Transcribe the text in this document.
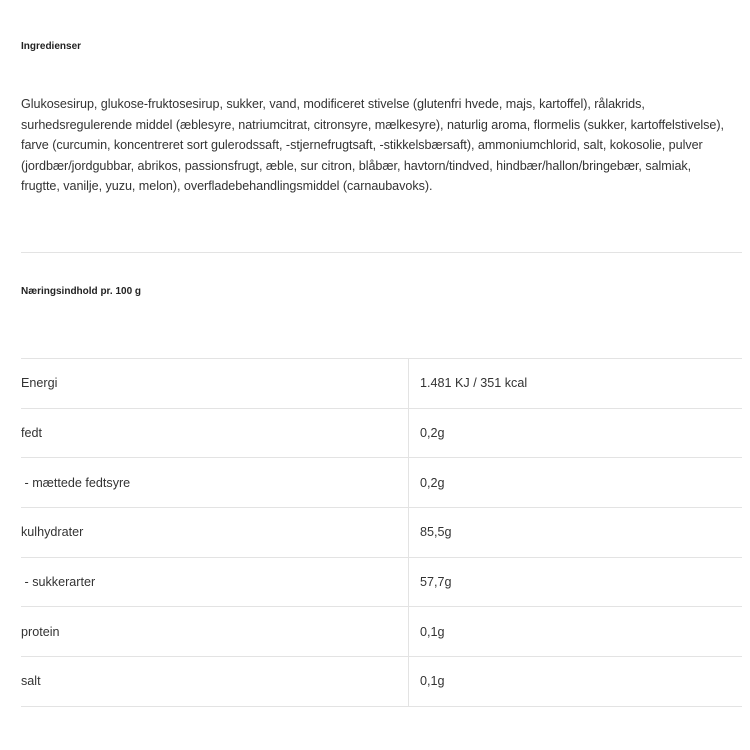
Ingredienser
Glukosesirup, glukose-fruktosesirup, sukker, vand, modificeret stivelse (glutenfri hvede, majs, kartoffel), rålakrids, surhedsregulerende middel (æblesyre, natriumcitrat, citronsyre, mælkesyre), naturlig aroma, flormelis (sukker, kartoffelstivelse), farve (curcumin, koncentreret sort gulerodssaft, -stjernefrugtsaft, -stikkelsbærsaft), ammoniumchlorid, salt, kokosolie, pulver (jordbær/jordgubbar, abrikos, passionsfrugt, æble, sur citron, blåbær, havtorn/tindved, hindbær/hallon/bringebær, salmiak, frugtte, vanilje, yuzu, melon), overfladebehandlingsmiddel (carnaubavoks).
Næringsindhold pr. 100 g
Energi	1.481 KJ / 351 kcal
fedt	0,2g
- mættede fedtsyre	0,2g
kulhydrater	85,5g
- sukkerarter	57,7g
protein	0,1g
salt	0,1g
